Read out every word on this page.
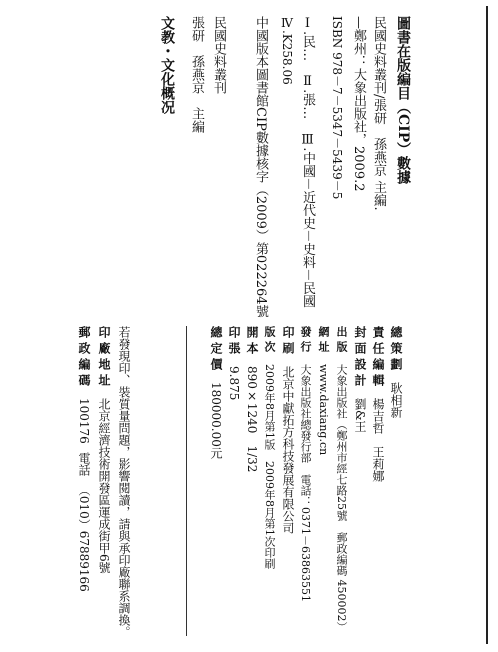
圖書在版編目（CIP）數據
民國史料叢刊/張研　孫燕京 主編.
—鄭州：大象出版社，2009.2
ISBN 978－7－5347－5439－5
Ⅰ.民…　Ⅱ.張…　Ⅲ.中國－近代史－史料－民國
Ⅳ.K258.06
中國版本圖書館CIP數據核字（2009）第022264號
民國史料叢刊
張研　孫燕京　主編
文教・文化概况
總策劃耿相新
責任編輯楊吉哲　王莉娜
封面設計劉&王
出版大象出版社（鄭州市經七路25號　郵政編碼 450002）
網址www.daxiang.cn
發行大象出版社總發行部　電話：0371－63863551
印刷北京中獻拓方科技發展有限公司
版次2009年8月第1版　2009年8月第1次印刷
開本890×1240　1/32
印張9.875
總定價180000.00元
若發現印、裝質量問題，影響閱讀，請與承印廠聯系調換。
印廠地址北京經濟技術開發區運成街甲6號
郵政編碼100176電話（010）67889166
